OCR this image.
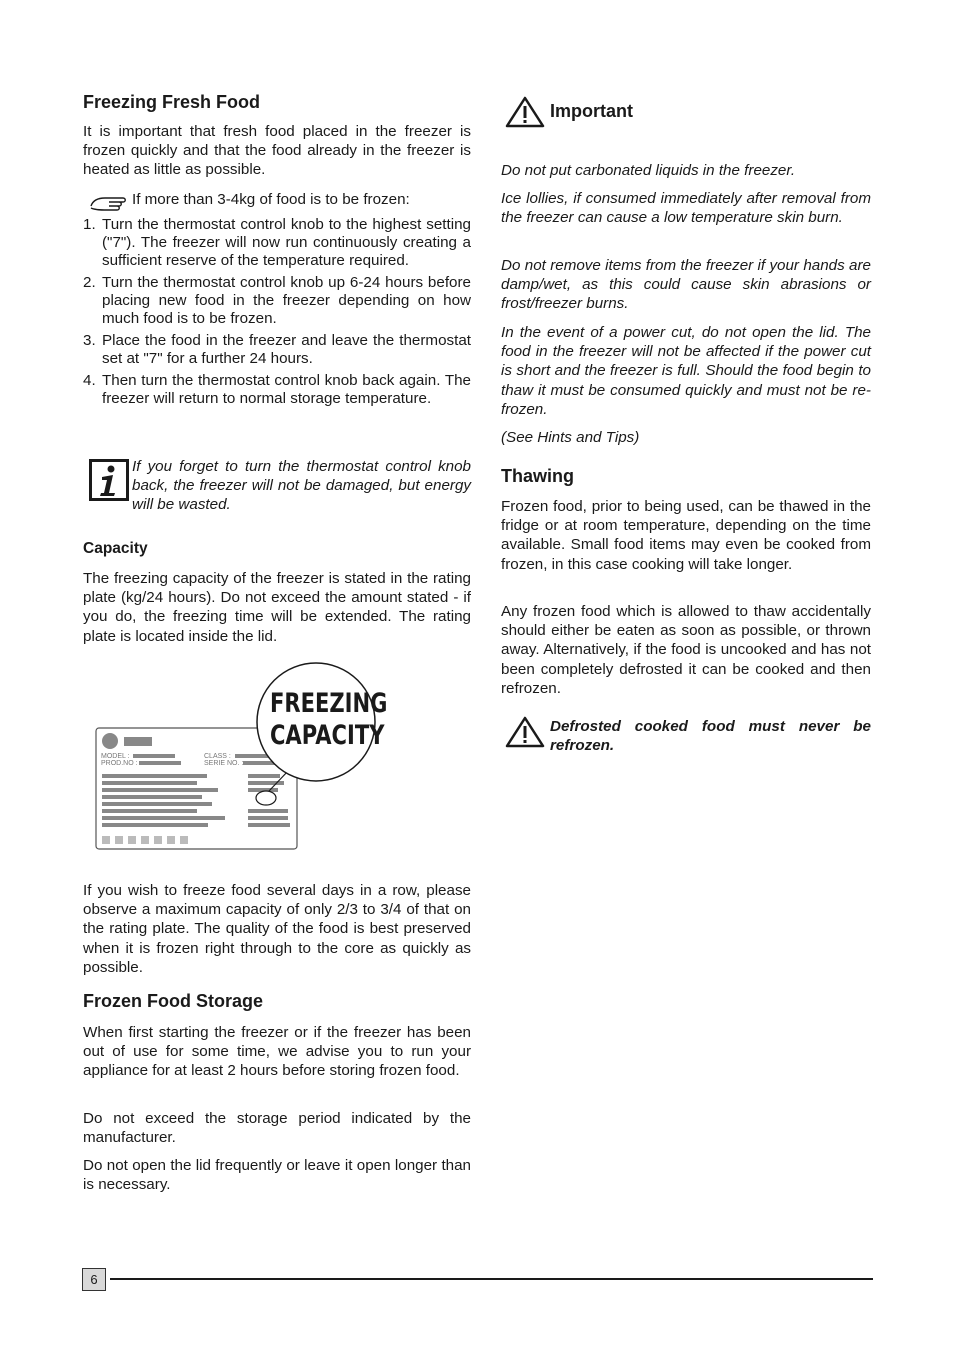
Freezing Fresh Food

It is important that fresh food placed in the freezer is frozen quickly and that the food already in the freezer is heated as little as possible.

If more than 3-4kg of food is to be frozen:

1. Turn the thermostat control knob to the highest setting ("7"). The freezer will now run continuously creating a sufficient reserve of the temperature required.
2. Turn the thermostat control knob up 6-24 hours before placing new food in the freezer depending on how much food is to be frozen.
3. Place the food in the freezer and leave the thermostat set at "7" for a further 24 hours.
4. Then turn the thermostat control knob back again. The freezer will return to normal storage temperature.

If you forget to turn the thermostat control knob back, the freezer will not be damaged, but energy will be wasted.

Capacity

The freezing capacity of the freezer is stated in the rating plate (kg/24 hours). Do not exceed the amount stated - if you do, the freezing time will be extended. The rating plate is located inside the lid.

MODEL :
PROD.NO :
CLASS :
SERIE NO. :
FREEZING
CAPACITY

If you wish to freeze food several days in a row, please observe a maximum capacity of only 2/3 to 3/4 of that on the rating plate. The quality of the food is best preserved when it is frozen right through to the core as quickly as possible.

Frozen Food Storage

When first starting the freezer or if the freezer has been out of use for some time, we advise you to run your appliance for at least 2 hours before storing frozen food.

Do not exceed the storage period indicated by the manufacturer.

Do not open the lid frequently or leave it open longer than is necessary.

Important

Do not put carbonated liquids in the freezer.

Ice lollies, if consumed immediately after removal from the freezer can cause a low temperature skin burn.

Do not remove items from the freezer if your hands are damp/wet, as this could cause skin abrasions or frost/freezer burns.

In the event of a power cut, do not open the lid. The food in the freezer will not be affected if the power cut is short and the freezer is full. Should the food begin to thaw it must be consumed quickly and must not be re-frozen.

(See Hints and Tips)

Thawing

Frozen food, prior to being used, can be thawed in the fridge or at room temperature, depending on the time available. Small food items may even be cooked from frozen, in this case cooking will take longer.

Any frozen food which is allowed to thaw accidentally should either be eaten as soon as possible, or thrown away. Alternatively, if the food is uncooked and has not been completely defrosted it can be cooked and then refrozen.

Defrosted cooked food must never be refrozen.

6
